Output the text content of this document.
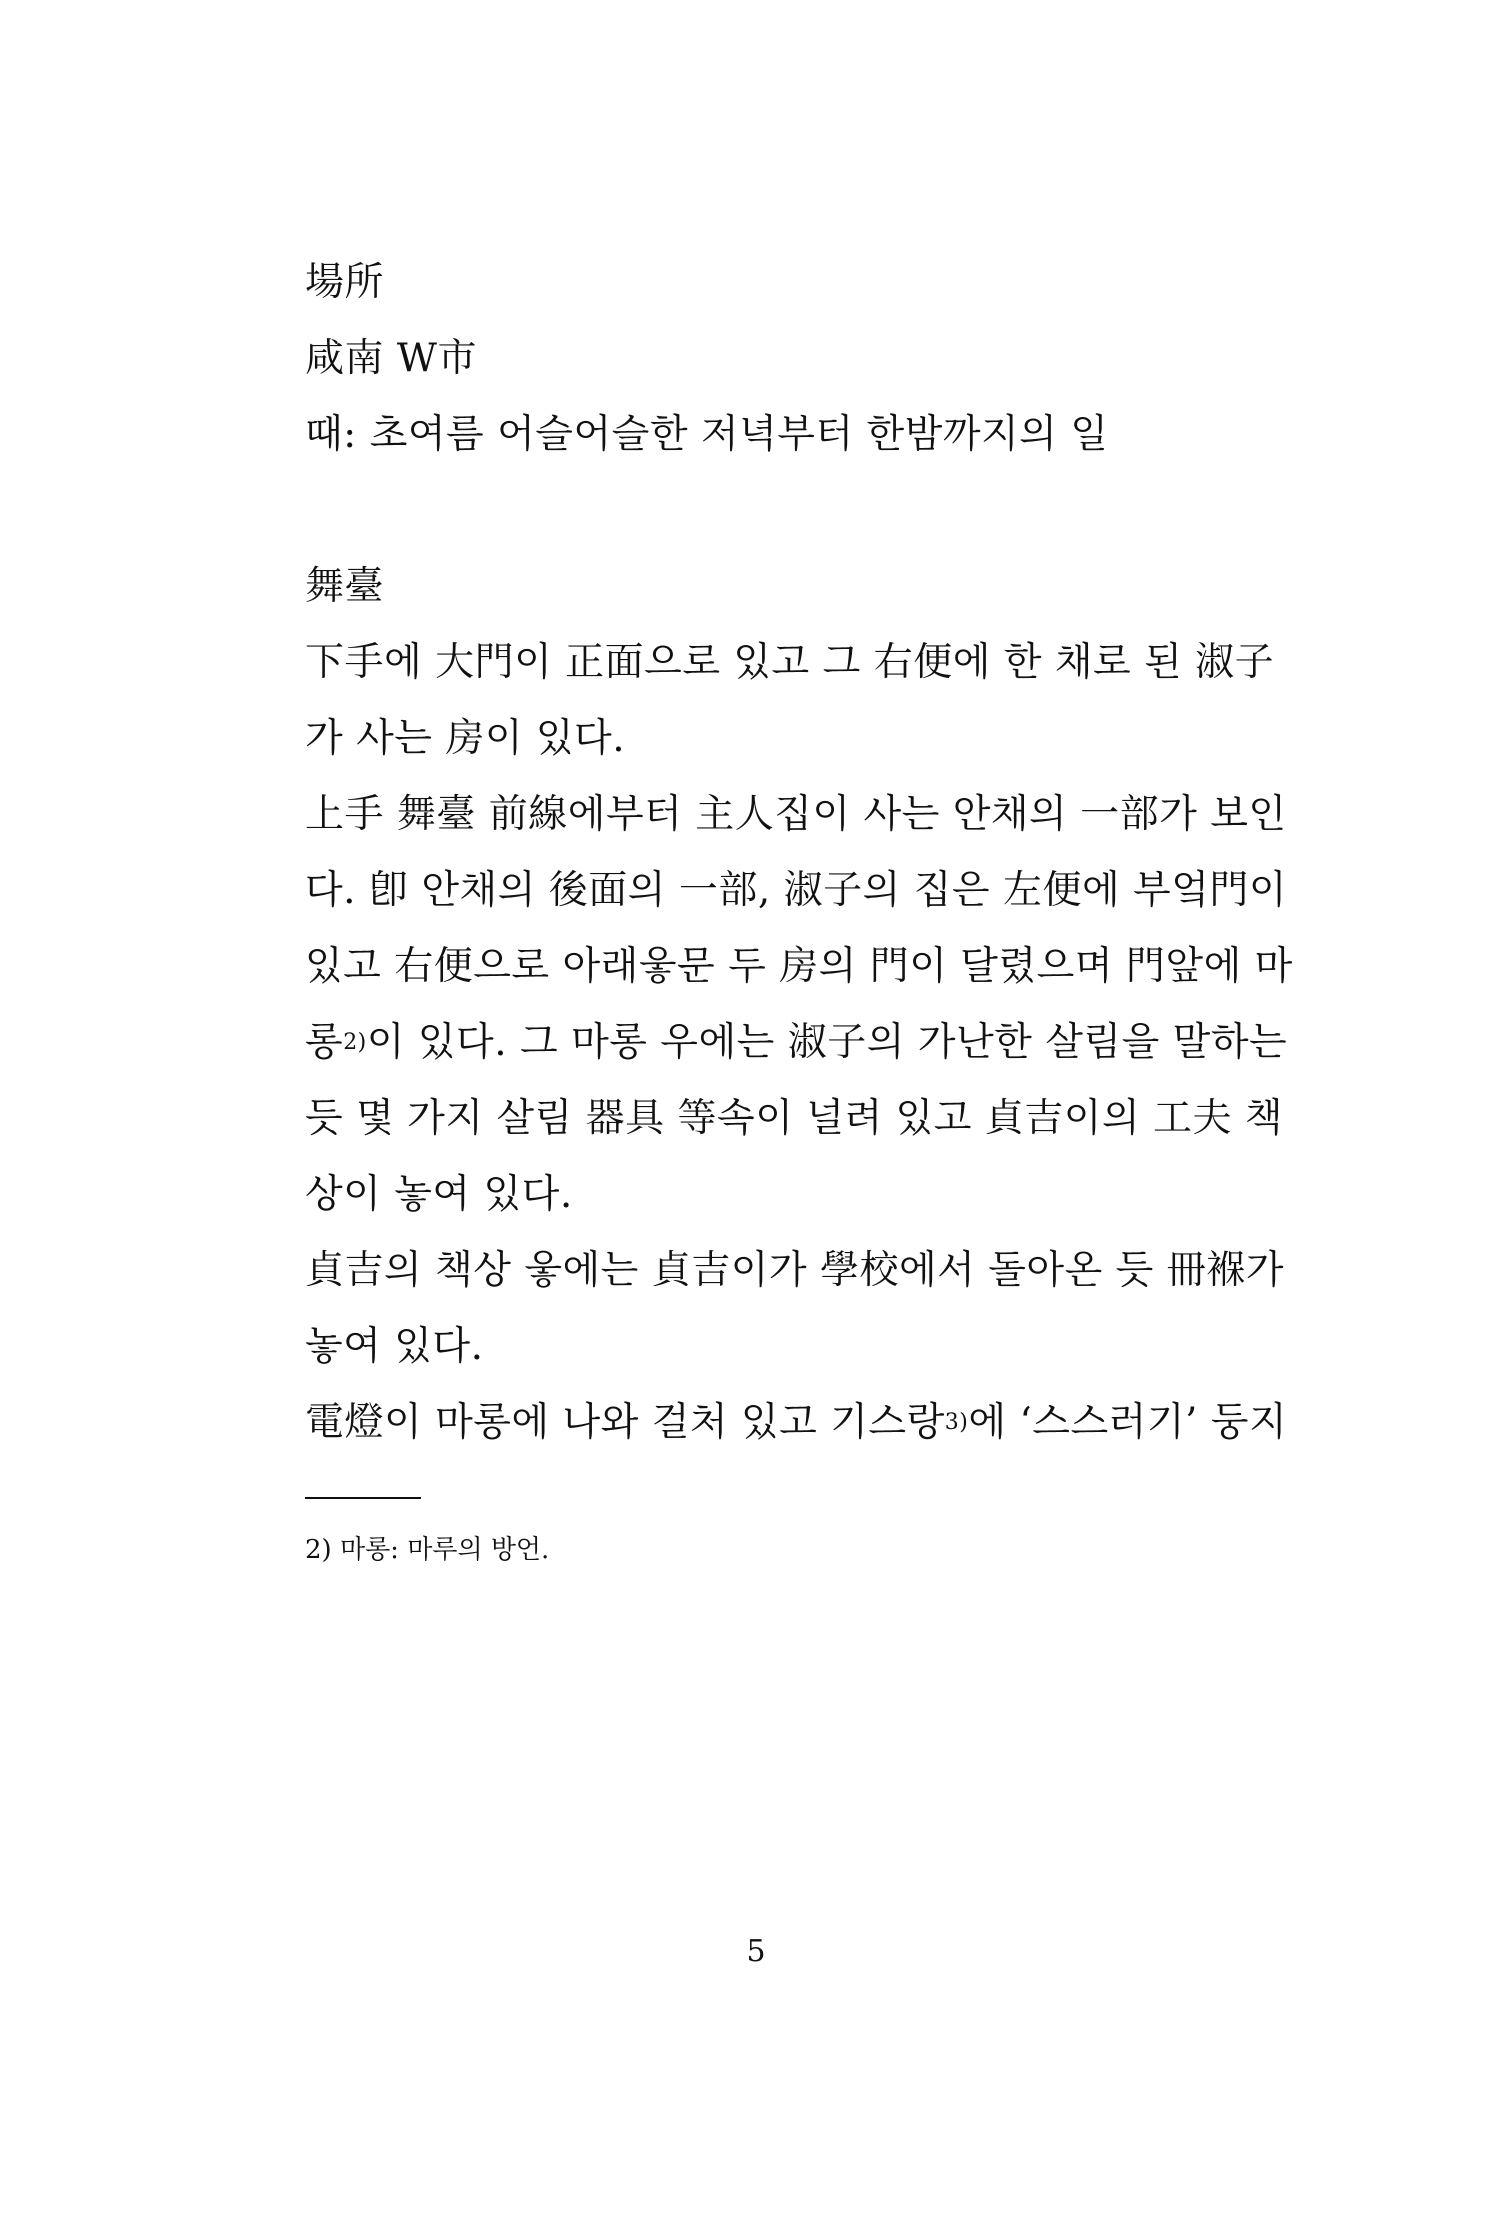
場所
咸南 W市
때: 초여름 어슬어슬한 저녁부터 한밤까지의 일
舞臺
下手에 大門이 正面으로 있고 그 右便에 한 채로 된 淑子
가 사는 房이 있다.
上手 舞臺 前線에부터 主人집이 사는 안채의 一部가 보인
다. 卽 안채의 後面의 一部, 淑子의 집은 左便에 부엌門이
있고 右便으로 아래웋문 두 房의 門이 달렸으며 門앞에 마
롱$^{2)}$이 있다. 그 마롱 우에는 淑子의 가난한 살림을 말하는
듯 몇 가지 살림 器具 等속이 널려 있고 貞吉이의 工夫 책
상이 놓여 있다.
貞吉의 책상 웋에는 貞吉이가 學校에서 돌아온 듯 冊褓가
놓여 있다.
電燈이 마롱에 나와 걸처 있고 기스랑$^{3)}$에 ‘스스러기’ 둥지
2) 마롱: 마루의 방언.
5
